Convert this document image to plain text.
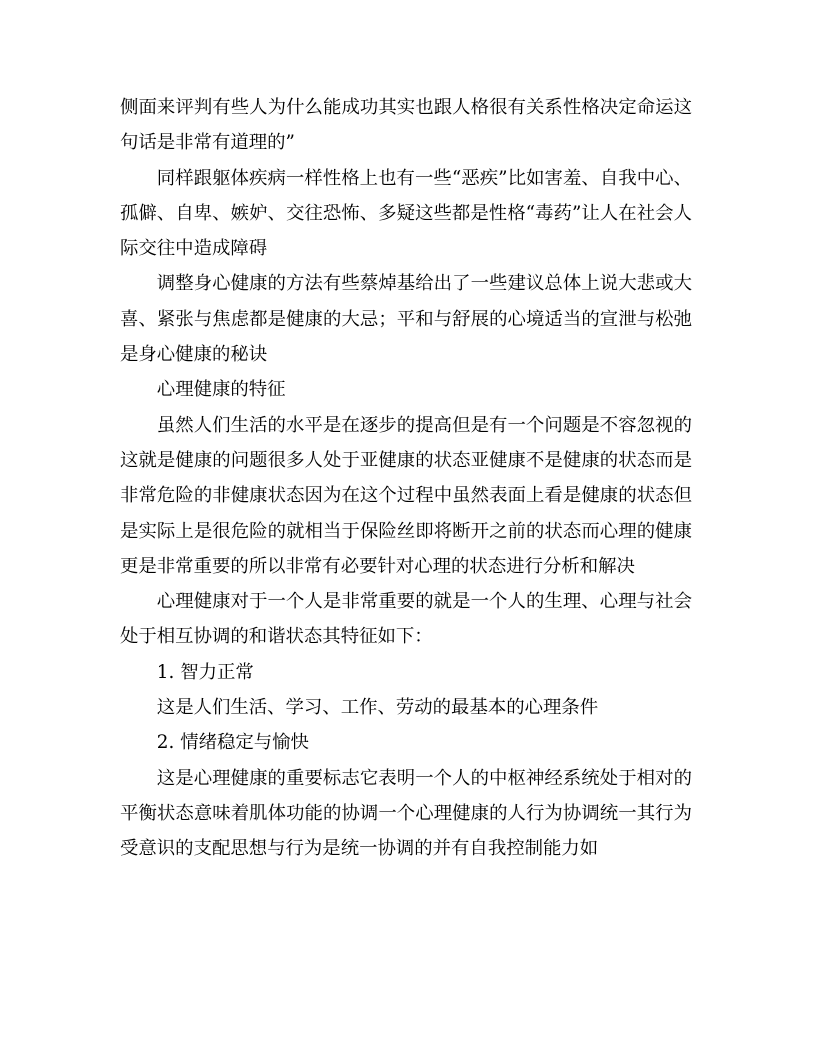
侧面来评判有些人为什么能成功其实也跟人格很有关系性格决定命运这句话是非常有道理的”

同样跟躯体疾病一样性格上也有一些“恶疾”比如害羞、自我中心、孤僻、自卑、嫉妒、交往恐怖、多疑这些都是性格“毒药”让人在社会人际交往中造成障碍

调整身心健康的方法有些蔡焯基给出了一些建议总体上说大悲或大喜、紧张与焦虑都是健康的大忌；平和与舒展的心境适当的宣泄与松弛是身心健康的秘诀

心理健康的特征

虽然人们生活的水平是在逐步的提高但是有一个问题是不容忽视的这就是健康的问题很多人处于亚健康的状态亚健康不是健康的状态而是非常危险的非健康状态因为在这个过程中虽然表面上看是健康的状态但是实际上是很危险的就相当于保险丝即将断开之前的状态而心理的健康更是非常重要的所以非常有必要针对心理的状态进行分析和解决

心理健康对于一个人是非常重要的就是一个人的生理、心理与社会处于相互协调的和谐状态其特征如下：

1. 智力正常

这是人们生活、学习、工作、劳动的最基本的心理条件

2. 情绪稳定与愉快

这是心理健康的重要标志它表明一个人的中枢神经系统处于相对的平衡状态意味着肌体功能的协调一个心理健康的人行为协调统一其行为受意识的支配思想与行为是统一协调的并有自我控制能力如
